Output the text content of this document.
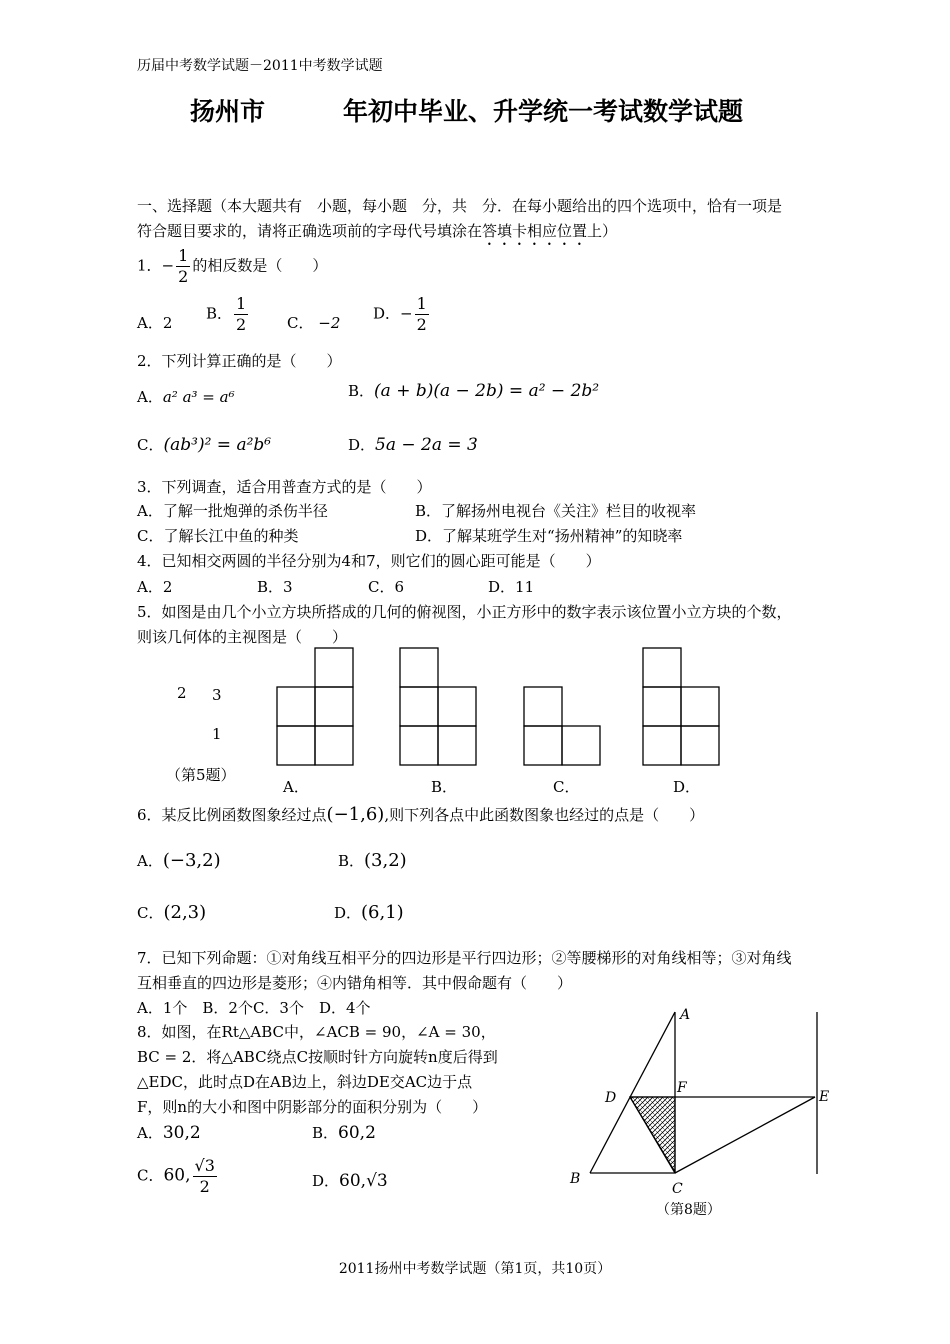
历届中考数学试题－2011中考数学试题
扬州市	年初中毕业、升学统一考试数学试题
一、选择题（本大题共有　小题，每小题　分，共　分．在每小题给出的四个选项中，恰有一项是
符合题目要求的，请将正确选项前的字母代号填涂在答填卡相应位置上）
1．− $\frac{1}{2}$ 的相反数是（　　）
A．2
B． $\frac{1}{2}$	C． −2
D．− $\frac{1}{2}$
2．下列计算正确的是（　　）
A．a² a³ = a⁶	B．(a + b)(a − 2b) = a² − 2b²
C．(ab³)² = a²b⁶	D．5a − 2a = 3
3．下列调查，适合用普查方式的是（　　）
A．了解一批炮弹的杀伤半径	B．了解扬州电视台《关注》栏目的收视率
C．了解长江中鱼的种类	D．了解某班学生对“扬州精神”的知晓率
4．已知相交两圆的半径分别为4和7，则它们的圆心距可能是（　　）
A．2	B．3	C．6	D．11
5．如图是由几个小立方块所搭成的几何的俯视图，小正方形中的数字表示该位置小立方块的个数，
则该几何体的主视图是（　　）
2 3
1
（第5题）
A．	B．	C．	D．
6．某反比例函数图象经过点(−1,6),则下列各点中此函数图象也经过的点是（　　）
A．(−3,2)	B．(3,2)
C．(2,3)	D．(6,1)
7．已知下列命题：①对角线互相平分的四边形是平行四边形；②等腰梯形的对角线相等；③对角线
互相垂直的四边形是菱形；④内错角相等．其中假命题有（　　）
A．1个　B．2个C．3个　D．4个
8．如图，在Rt△ABC中，∠ACB = 90，∠A = 30，
BC = 2．将△ABC绕点C按顺时针方向旋转n度后得到
△EDC，此时点D在AB边上，斜边DE交AC边于点
F，则n的大小和图中阴影部分的面积分别为（　　）
A．30,2	B．60,2
C．60, $\frac{√3}{2}$	D．60,√3
A
D
F
E
B
C
（第8题）
2011扬州中考数学试题（第1页，共10页）
